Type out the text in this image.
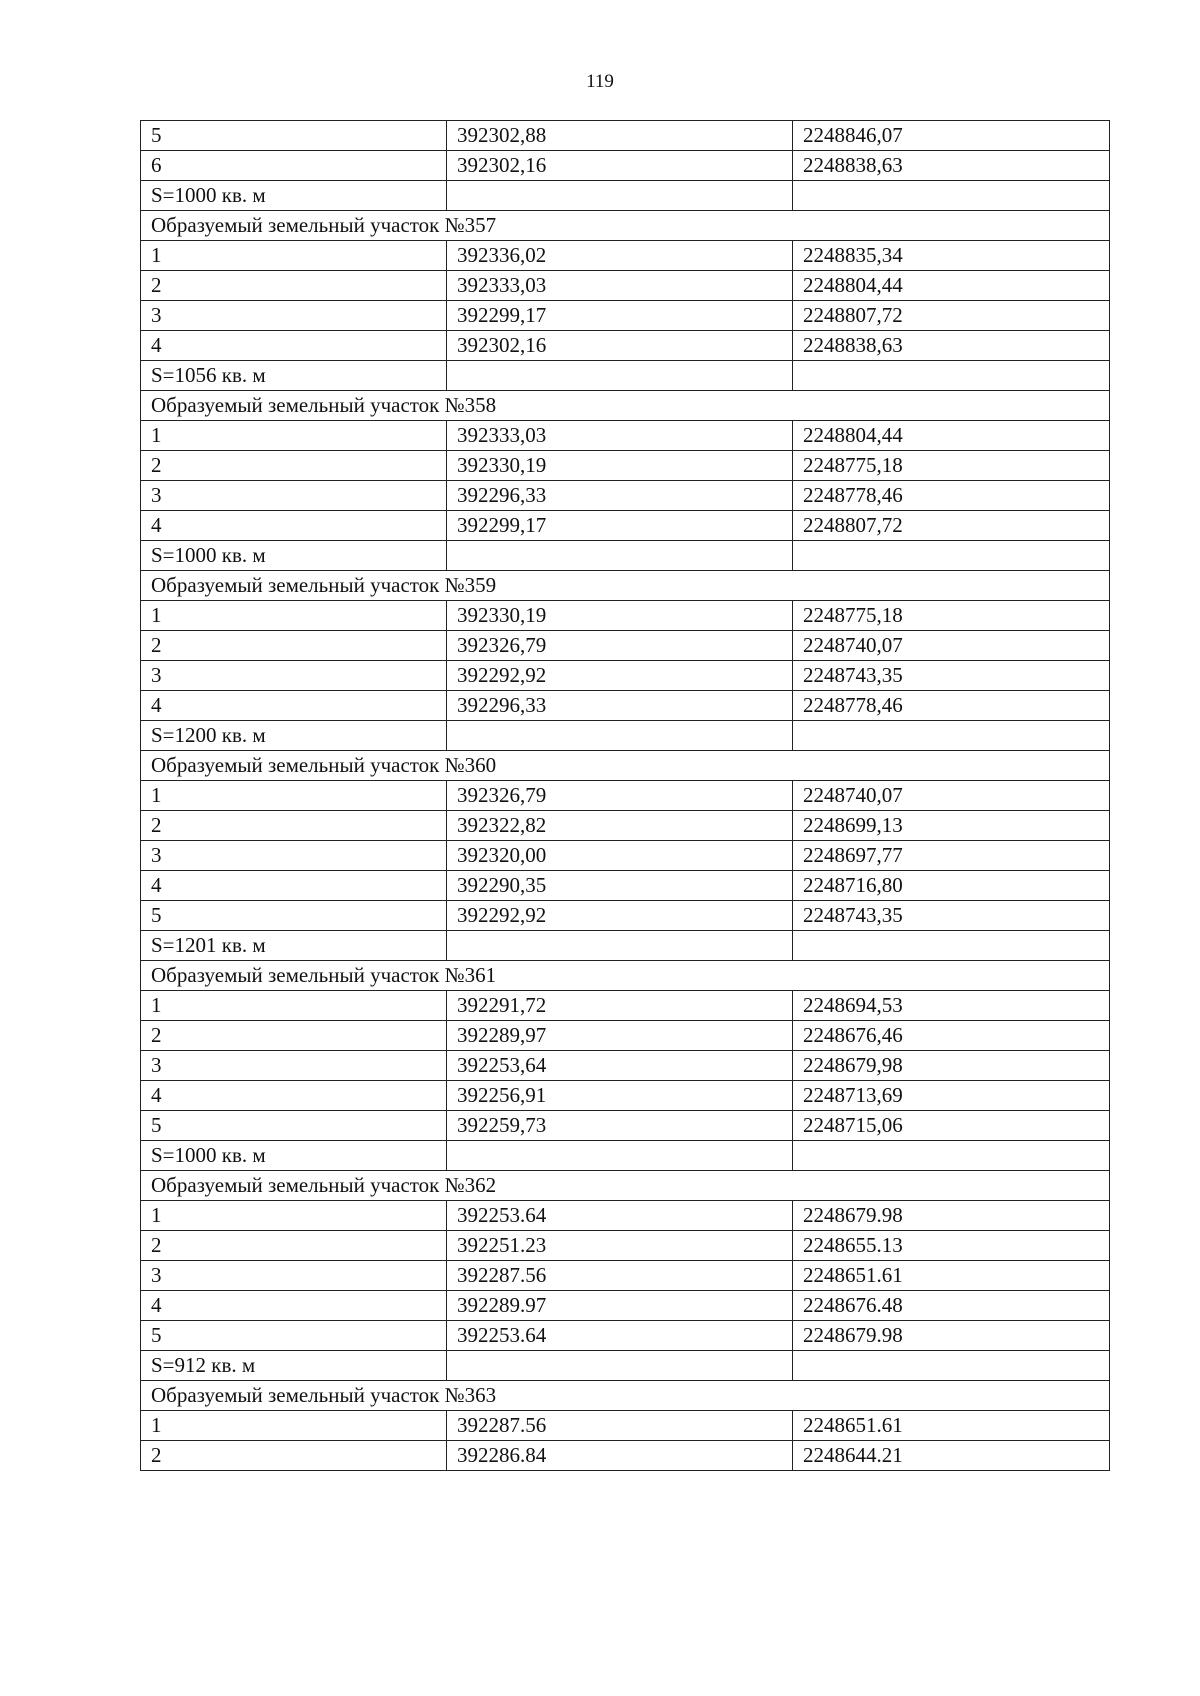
119
5	392302,88	2248846,07
6	392302,16	2248838,63
S=1000 кв. м		
Образуемый земельный участок №357		
1	392336,02	2248835,34
2	392333,03	2248804,44
3	392299,17	2248807,72
4	392302,16	2248838,63
S=1056 кв. м		
Образуемый земельный участок №358		
1	392333,03	2248804,44
2	392330,19	2248775,18
3	392296,33	2248778,46
4	392299,17	2248807,72
S=1000 кв. м		
Образуемый земельный участок №359		
1	392330,19	2248775,18
2	392326,79	2248740,07
3	392292,92	2248743,35
4	392296,33	2248778,46
S=1200 кв. м		
Образуемый земельный участок №360		
1	392326,79	2248740,07
2	392322,82	2248699,13
3	392320,00	2248697,77
4	392290,35	2248716,80
5	392292,92	2248743,35
S=1201 кв. м		
Образуемый земельный участок №361		
1	392291,72	2248694,53
2	392289,97	2248676,46
3	392253,64	2248679,98
4	392256,91	2248713,69
5	392259,73	2248715,06
S=1000 кв. м		
Образуемый земельный участок №362		
1	392253.64	2248679.98
2	392251.23	2248655.13
3	392287.56	2248651.61
4	392289.97	2248676.48
5	392253.64	2248679.98
S=912 кв. м		
Образуемый земельный участок №363		
1	392287.56	2248651.61
2	392286.84	2248644.21
